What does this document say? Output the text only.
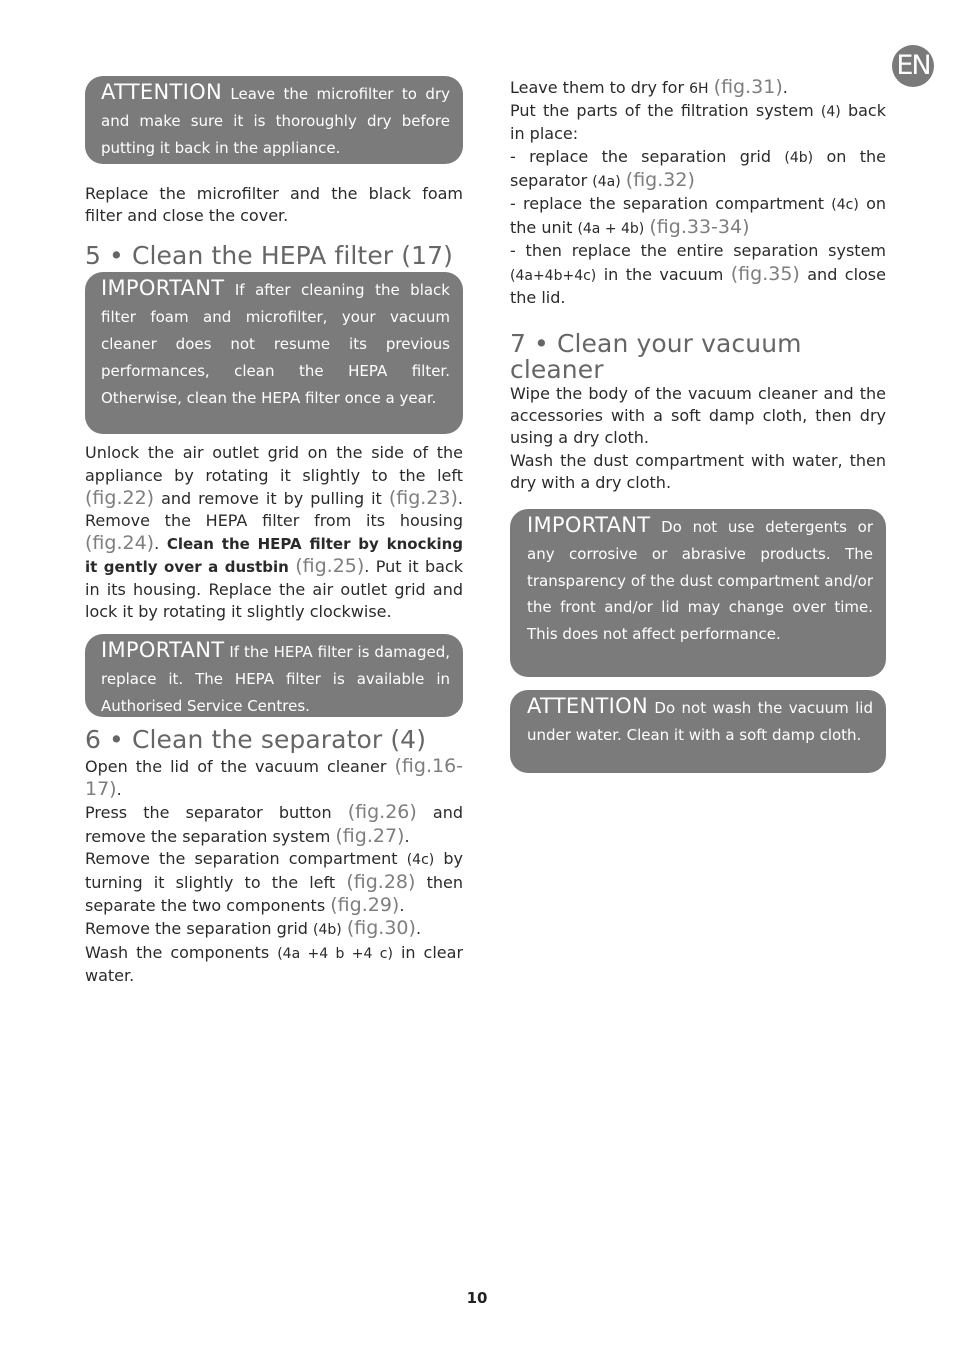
EN
ATTENTION Leave the microfilter to dry and make sure it is thoroughly dry before putting it back in the appliance.

Replace the microfilter and the black foam filter and close the cover.

5 • Clean the HEPA filter (17)
IMPORTANT If after cleaning the black filter foam and microfilter, your vacuum cleaner does not resume its previous performances, clean the HEPA filter. Otherwise, clean the HEPA filter once a year.

Unlock the air outlet grid on the side of the appliance by rotating it slightly to the left (fig.22) and remove it by pulling it (fig.23). Remove the HEPA filter from its housing (fig.24). Clean the HEPA filter by knocking it gently over a dustbin (fig.25). Put it back in its housing. Replace the air outlet grid and lock it by rotating it slightly clockwise.

IMPORTANT If the HEPA filter is damaged, replace it. The HEPA filter is available in Authorised Service Centres.
6 • Clean the separator (4)

Open the lid of the vacuum cleaner (fig.16-17).
Press the separator button (fig.26) and remove the separation system (fig.27).
Remove the separation compartment (4c) by turning it slightly to the left (fig.28) then separate the two components (fig.29).
Remove the separation grid (4b) (fig.30).
Wash the components (4a +4 b +4 c) in clear water.

Leave them to dry for 6H (fig.31).
Put the parts of the filtration system (4) back in place:
- replace the separation grid (4b) on the separator (4a) (fig.32)
- replace the separation compartment (4c) on the unit (4a + 4b) (fig.33-34)
- then replace the entire separation system (4a+4b+4c) in the vacuum (fig.35) and close the lid.

7 • Clean your vacuum cleaner

Wipe the body of the vacuum cleaner and the accessories with a soft damp cloth, then dry using a dry cloth.

Wash the dust compartment with water, then dry with a dry cloth.

IMPORTANT Do not use detergents or any corrosive or abrasive products. The transparency of the dust compartment and/or the front and/or lid may change over time. This does not affect performance.
ATTENTION Do not wash the vacuum lid under water. Clean it with a soft damp cloth.
10
